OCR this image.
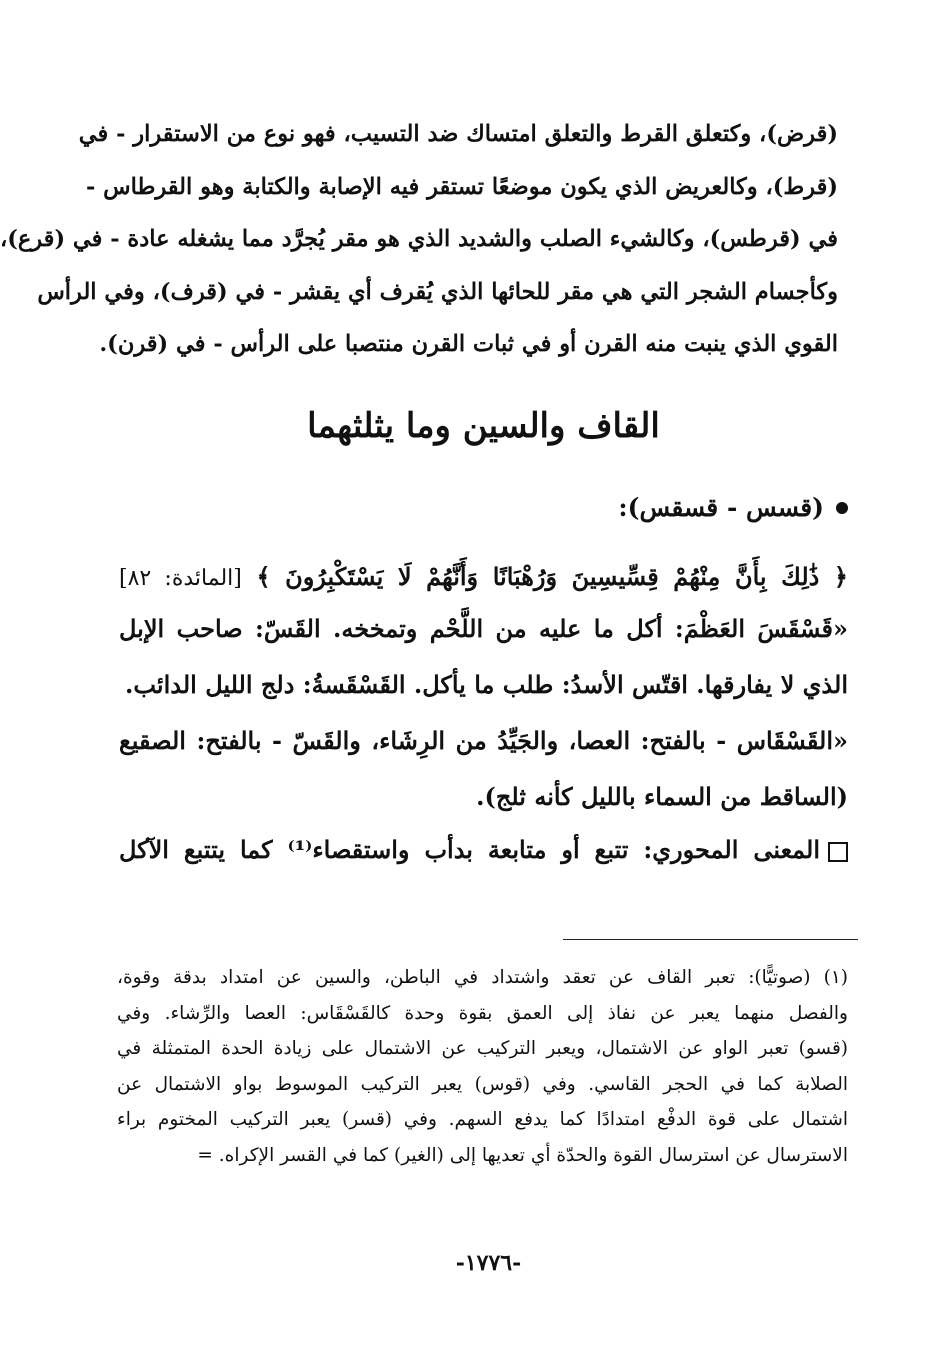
(قرض)، وكتعلق القرط والتعلق امتساك ضد التسيب، فهو نوع من الاستقرار - في
(قرط)، وكالعريض الذي يكون موضعًا تستقر فيه الإصابة والكتابة وهو القرطاس -
في (قرطس)، وكالشيء الصلب والشديد الذي هو مقر يُجرَّد مما يشغله عادة - في (قرع)،
وكأجسام الشجر التي هي مقر للحائها الذي يُقرف أي يقشر - في (قرف)، وفي الرأس
القوي الذي ينبت منه القرن أو في ثبات القرن منتصبا على الرأس - في (قرن).
القاف والسين وما يثلثهما
(قسس - قسقس):
﴿ ذَٰلِكَ بِأَنَّ مِنْهُمْ قِسِّيسِينَ وَرُهْبَانًا وَأَنَّهُمْ لَا يَسْتَكْبِرُونَ ﴾ [المائدة: ٨٢]
«قَسْقَسَ العَظْمَ: أكل ما عليه من اللَّحْم وتمخخه. القَسّ: صاحب الإبل
الذي لا يفارقها. اقتّس الأسدُ: طلب ما يأكل. القَسْقَسةُ: دلج الليل الدائب.
«القَسْقَاس - بالفتح: العصا، والجَيِّدُ من الرِشَاء، والقَسّ - بالفتح: الصقيع
(الساقط من السماء بالليل كأنه ثلج).
المعنى المحوري: تتبع أو متابعة بدأب واستقصاء⁽¹⁾ كما يتتبع الآكل
(١) (صوتيًّا): تعبر القاف عن تعقد واشتداد في الباطن، والسين عن امتداد بدقة وقوة،
والفصل منهما يعبر عن نفاذ إلى العمق بقوة وحدة كالقَسْقَاس: العصا والرِّشاء. وفي
(قسو) تعبر الواو عن الاشتمال، ويعبر التركيب عن الاشتمال على زيادة الحدة المتمثلة في
الصلابة كما في الحجر القاسي. وفي (قوس) يعبر التركيب الموسوط بواو الاشتمال عن
اشتمال على قوة الدفْع امتدادًا كما يدفع السهم. وفي (قسر) يعبر التركيب المختوم براء
الاسترسال عن استرسال القوة والحدّة أي تعديها إلى (الغير) كما في القسر الإكراه. =
-١٧٧٦-
